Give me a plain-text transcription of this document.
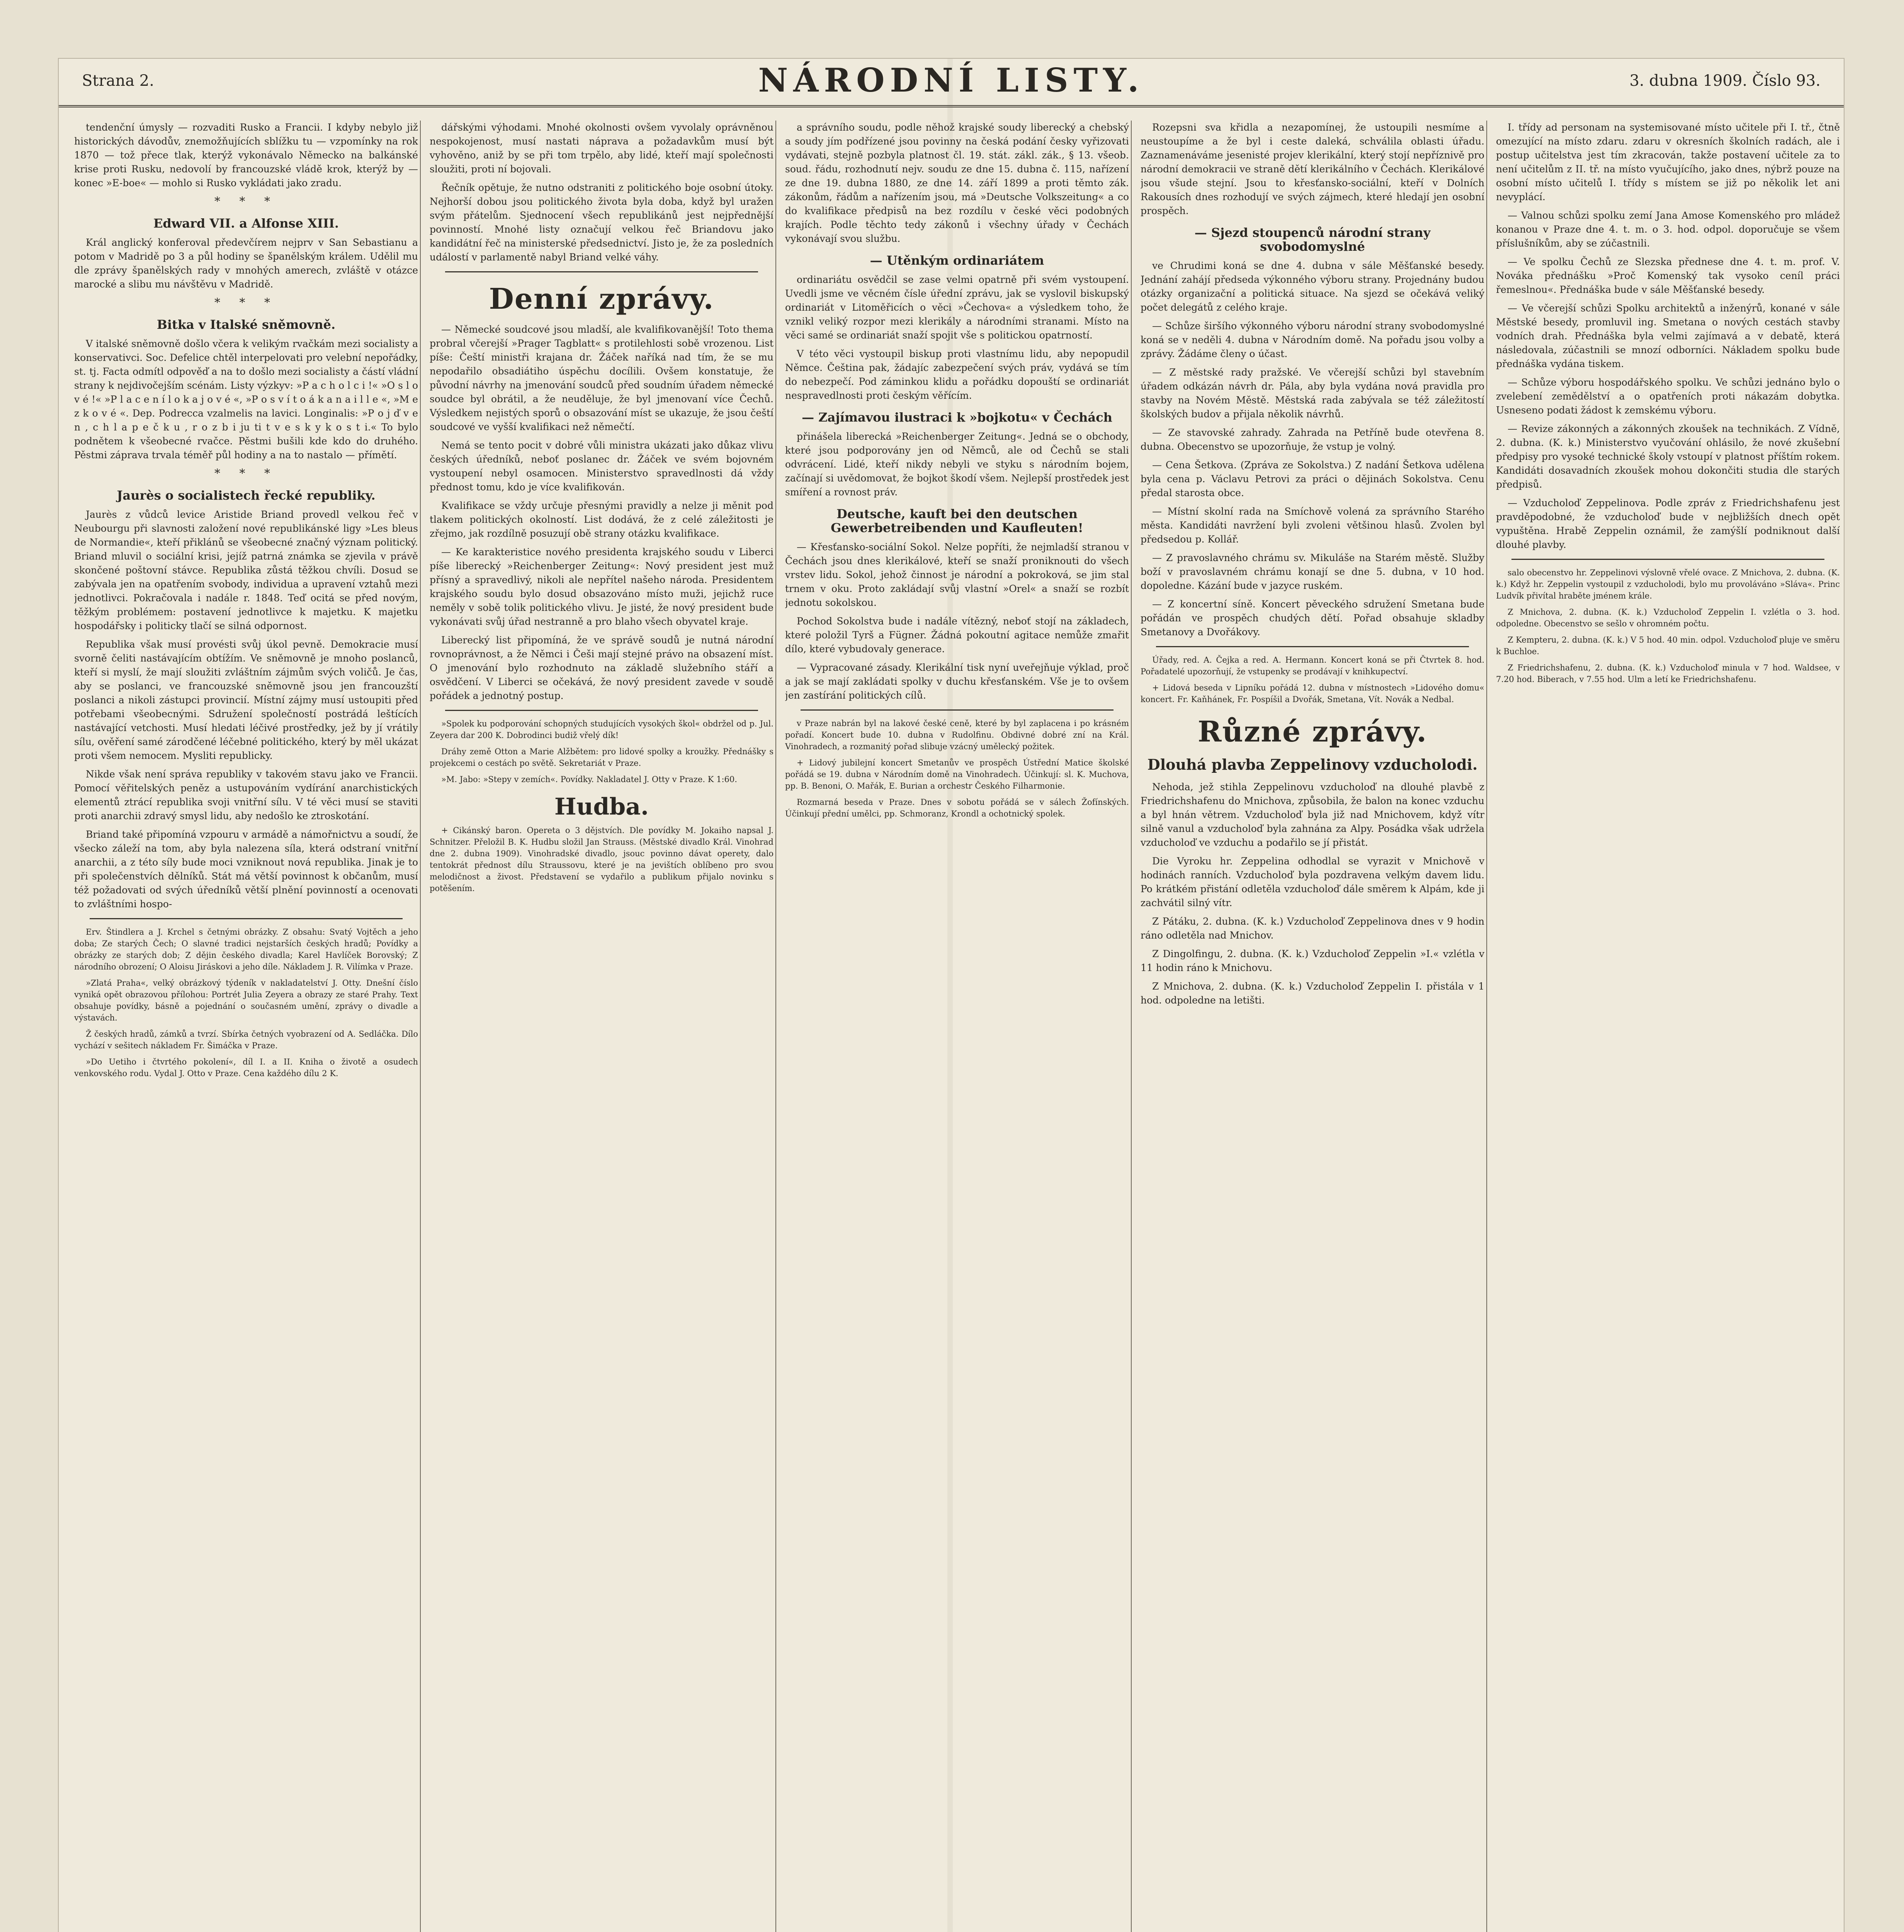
Strana 2.	NÁRODNÍ LISTY.	3. dubna 1909. Číslo 93.

tendenční úmysly — rozvaditi Rusko a Francii. I kdyby nebylo již historických dávodův, znemožňujících sblížku tu — vzpomínky na rok 1870 — tož přece tlak, kterýž vykonávalo Německo na balkánské krise proti Rusku, nedovolí by francouzské vládě krok, kterýž by — konec »E-boe« — mohlo si Rusko vykládati jako zradu.

* * *
Edward VII. a Alfonse XIII.

Král anglický konferoval předevčírem nejprv v San Sebastianu a potom v Madridě po 3 a půl hodiny se španělským králem. Udělil mu dle zprávy španělských rady v mnohých amerech, zvláště v otázce marocké a slibu mu návštěvu v Madridě.

* * *
Bitka v Italské sněmovně.

V italské sněmovně došlo včera k velikým rvačkám mezi socialisty a konservativci. Soc. Defelice chtěl interpelovati pro velební nepořádky, st. tj. Facta odmítl odpověď a na to došlo mezi socialisty a částí vládní strany k nejdivočejším scénám. Listy výzkyv: »P a c h o l c i !« »O s l o v é !« »P l a c e n í l o k a j o v é «, »P o s v í t o á k a n a i l l e «, »M e z k o v é «. Dep. Podrecca vzalmelis na lavici. Longinalis: »P o j ď v e n , c h l a p e č k u , r o z b i ju ti t v e s k y k o s t i.« To bylo podnětem k všeobecné rvačce. Pěstmi bušili kde kdo do druhého. Pěstmi záprava trvala téměř půl hodiny a na to nastalo — přímětí.

* * *
Jaurès o socialistech řecké republiky.

Jaurès z vůdců levice Aristide Briand provedl velkou řeč v Neubourgu při slavnosti založení nové republikánské ligy »Les bleus de Normandie«, kteří přiklánů se všeobecné značný význam politický. Briand mluvil o sociální krisi, jejíž patrná známka se zjevila v právě skončené poštovní stávce. Republika zůstá těžkou chvíli. Dosud se zabývala jen na opatřením svobody, individua a upravení vztahů mezi jednotlivci. Pokračovala i nadále r. 1848. Teď ocitá se před novým, těžkým problémem: postavení jednotlivce k majetku. K majetku hospodářsky i politicky tlačí se silná odpornost.

Republika však musí provésti svůj úkol pevně. Demokracie musí svorně čeliti nastávajícím obtížím. Ve sněmovně je mnoho poslanců, kteří si myslí, že mají sloužiti zvláštním zájmům svých voličů. Je čas, aby se poslanci, ve francouzské sněmovně jsou jen francouzští poslanci a nikoli zástupci provincií. Místní zájmy musí ustoupiti před potřebami všeobecnými. Sdružení společností postrádá leštících nastávající vetchosti. Musí hledati léčivé prostředky, jež by jí vrátily sílu, ověření samé zárodčené léčebné politického, který by měl ukázat proti všem nemocem. Mysliti republicky.

Nikde však není správa republiky v takovém stavu jako ve Francii. Pomocí věřitelských peněz a ustupováním vydírání anarchistických elementů ztrácí republika svoji vnitřní sílu. V té věci musí se staviti proti anarchii zdravý smysl lidu, aby nedošlo ke ztroskotání.

Briand také připomíná vzpouru v armádě a námořnictvu a soudí, že všecko záleží na tom, aby byla nalezena síla, která odstraní vnitřní anarchii, a z této síly bude moci vzniknout nová republika. Jinak je to při společenstvích dělníků. Stát má větší povinnost k občanům, musí též požadovati od svých úředníků větší plnění povinností a ocenovati to zvláštními hospo-

Erv. Štindlera a J. Krchel s četnými obrázky. Z obsahu: Svatý Vojtěch a jeho doba; Ze starých Čech; O slavné tradici nejstarších českých hradů; Povídky a obrázky ze starých dob; Z dějin českého divadla; Karel Havlíček Borovský; Z národního obrození; O Aloisu Jiráskovi a jeho díle. Nákladem J. R. Vilímka v Praze.

»Zlatá Praha«, velký obrázkový týdeník v nakladatelství J. Otty. Dnešní číslo vyniká opět obrazovou přílohou: Portrét Julia Zeyera a obrazy ze staré Prahy. Text obsahuje povídky, básně a pojednání o současném umění, zprávy o divadle a výstavách.

Ž českých hradů, zámků a tvrzí. Sbírka četných vyobrazení od A. Sedláčka. Dílo vychází v sešitech nákladem Fr. Šimáčka v Praze.

»Do Uetiho i čtvrtého pokolení«, díl I. a II. Kniha o životě a osudech venkovského rodu. Vydal J. Otto v Praze. Cena každého dílu 2 K.

dářskými výhodami. Mnohé okolnosti ovšem vyvolaly oprávněnou nespokojenost, musí nastati náprava a požadavkům musí být vyhověno, aniž by se při tom trpělo, aby lidé, kteří mají společnosti sloužiti, proti ní bojovali.

Řečník opětuje, že nutno odstraniti z politického boje osobní útoky. Nejhorší dobou jsou politického života byla doba, když byl uražen svým přátelům. Sjednocení všech republikánů jest nejpřednější povinností. Mnohé listy označují velkou řeč Briandovu jako kandidátní řeč na ministerské předsednictví. Jisto je, že za posledních událostí v parlamentě nabyl Briand velké váhy.

Denní zprávy.

— Německé soudcové jsou mladší, ale kvalifikovanější! Toto thema probral včerejší »Prager Tagblatt« s protilehlosti sobě vrozenou. List píše: Čeští ministři krajana dr. Žáček naříká nad tím, že se mu nepodařilo obsadiátiho úspěchu docílili. Ovšem konstatuje, že původní návrhy na jmenování soudců před soudním úřadem německé soudce byl obrátil, a že neuděluje, že byl jmenovaní více Čechů. Výsledkem nejistých sporů o obsazování míst se ukazuje, že jsou čeští soudcové ve vyšší kvalifikaci než němečtí.

Nemá se tento pocit v dobré vůli ministra ukázati jako důkaz vlivu českých úředníků, neboť poslanec dr. Žáček ve svém bojovném vystoupení nebyl osamocen. Ministerstvo spravedlnosti dá vždy přednost tomu, kdo je více kvalifikován.

Kvalifikace se vždy určuje přesnými pravidly a nelze ji měnit pod tlakem politických okolností. List dodává, že z celé záležitosti je zřejmo, jak rozdílně posuzují obě strany otázku kvalifikace.

— Ke karakteristice nového presidenta krajského soudu v Liberci píše liberecký »Reichenberger Zeitung«: Nový president jest muž přísný a spravedlivý, nikoli ale nepřítel našeho národa. Presidentem krajského soudu bylo dosud obsazováno místo muži, jejichž ruce neměly v sobě tolik politického vlivu. Je jisté, že nový president bude vykonávati svůj úřad nestranně a pro blaho všech obyvatel kraje.

Liberecký list připomíná, že ve správě soudů je nutná národní rovnoprávnost, a že Němci i Češi mají stejné právo na obsazení míst. O jmenování bylo rozhodnuto na základě služebního stáří a osvědčení. V Liberci se očekává, že nový president zavede v soudě pořádek a jednotný postup.

»Spolek ku podporování schopných studujících vysokých škol« obdržel od p. Jul. Zeyera dar 200 K. Dobrodinci budiž vřelý dík!

Dráhy země Otton a Marie Alžbětem: pro lidové spolky a kroužky. Přednášky s projekcemi o cestách po světě. Sekretariát v Praze.

»M. Jabo: »Stepy v zemích«. Povídky. Nakladatel J. Otty v Praze. K 1:60.

Hudba.

+ Cikánský baron. Opereta o 3 dějstvích. Dle povídky M. Jokaiho napsal J. Schnitzer. Přeložil B. K. Hudbu složil Jan Strauss. (Městské divadlo Král. Vinohrad dne 2. dubna 1909). Vinohradské divadlo, jsouc povinno dávat operety, dalo tentokrát přednost dílu Straussovu, které je na jevištích oblíbeno pro svou melodičnost a živost. Představení se vydařilo a publikum přijalo novinku s potěšením.

a správního soudu, podle něhož krajské soudy liberecký a chebský a soudy jím podřízené jsou povinny na česká podání česky vyřizovati vydávati, stejně pozbyla platnost čl. 19. stát. zákl. zák., § 13. všeob. soud. řádu, rozhodnutí nejv. soudu ze dne 15. dubna č. 115, nařízení ze dne 19. dubna 1880, ze dne 14. září 1899 a proti těmto zák. zákonům, řádům a nařízením jsou, má »Deutsche Volkszeitung« a co do kvalifikace předpisů na bez rozdílu v české věci podobných krajích. Podle těchto tedy zákonů i všechny úřady v Čechách vykonávají svou službu.

— Utěnkým ordinariátem

ordinariátu osvědčil se zase velmi opatrně při svém vystoupení. Uvedli jsme ve věcném čísle úřední zprávu, jak se vyslovil biskupský ordinariát v Litoměřicích o věci »Čechova« a výsledkem toho, že vznikl veliký rozpor mezi klerikály a národními stranami. Místo na věci samé se ordinariát snaží spojit vše s politickou opatrností.

V této věci vystoupil biskup proti vlastnímu lidu, aby nepopudil Němce. Čeština pak, žádajíc zabezpečení svých práv, vydává se tím do nebezpečí. Pod záminkou klidu a pořádku dopouští se ordinariát nespravedlnosti proti českým věřícím.

— Zajímavou ilustraci k »bojkotu« v Čechách

přinášela liberecká »Reichenberger Zeitung«. Jedná se o obchody, které jsou podporovány jen od Němců, ale od Čechů se stali odvrácení. Lidé, kteří nikdy nebyli ve styku s národním bojem, začínají si uvědomovat, že bojkot škodí všem. Nejlepší prostředek jest smíření a rovnost práv.

Deutsche, kauft bei den deutschen Gewerbetreibenden und Kaufleuten!

— Křesťansko-sociální Sokol. Nelze popříti, že nejmladší stranou v Čechách jsou dnes klerikálové, kteří se snaží proniknouti do všech vrstev lidu. Sokol, jehož činnost je národní a pokroková, se jim stal trnem v oku. Proto zakládají svůj vlastní »Orel« a snaží se rozbít jednotu sokolskou.

Pochod Sokolstva bude i nadále vítězný, neboť stojí na základech, které položil Tyrš a Fügner. Žádná pokoutní agitace nemůže zmařit dílo, které vybudovaly generace.

— Vypracované zásady. Klerikální tisk nyní uveřejňuje výklad, proč a jak se mají zakládati spolky v duchu křesťanském. Vše je to ovšem jen zastírání politických cílů.

v Praze nabrán byl na lakové české ceně, které by byl zaplacena i po krásném pořadí. Koncert bude 10. dubna v Rudolfinu. Obdivné dobré zní na Král. Vinohradech, a rozmanitý pořad slibuje vzácný umělecký požitek.

+ Lidový jubilejní koncert Smetanův ve prospěch Ústřední Matice školské pořádá se 19. dubna v Národním domě na Vinohradech. Účinkují: sl. K. Muchova, pp. B. Benoni, O. Mařák, E. Burian a orchestr Českého Filharmonie.

Rozmarná beseda v Praze. Dnes v sobotu pořádá se v sálech Žofínských. Účinkují přední umělci, pp. Schmoranz, Krondl a ochotnický spolek.

Rozepsni sva křidla a nezapomínej, že ustoupili nesmíme a neustoupíme a že byl i ceste daleká, schválila oblasti úřadu. Zaznamenáváme jesenisté projev klerikální, který stojí nepříznivě pro národní demokracii ve straně dětí klerikálního v Čechách. Klerikálové jsou všude stejní. Jsou to křesťansko-sociální, kteří v Dolních Rakousích dnes rozhodují ve svých zájmech, které hledají jen osobní prospěch.

— Sjezd stoupenců národní strany svobodomyslné

ve Chrudimi koná se dne 4. dubna v sále Měšťanské besedy. Jednání zahájí předseda výkonného výboru strany. Projednány budou otázky organizační a politická situace. Na sjezd se očekává veliký počet delegátů z celého kraje.

— Schůze širšího výkonného výboru národní strany svobodomyslné koná se v neděli 4. dubna v Národním domě. Na pořadu jsou volby a zprávy. Žádáme členy o účast.

— Z městské rady pražské. Ve včerejší schůzi byl stavebním úřadem odkázán návrh dr. Pála, aby byla vydána nová pravidla pro stavby na Novém Městě. Městská rada zabývala se též záležitostí školských budov a přijala několik návrhů.

— Ze stavovské zahrady. Zahrada na Petříně bude otevřena 8. dubna. Obecenstvo se upozorňuje, že vstup je volný.

— Cena Šetkova. (Zpráva ze Sokolstva.) Z nadání Šetkova udělena byla cena p. Václavu Petrovi za práci o dějinách Sokolstva. Cenu předal starosta obce.

— Místní skolní rada na Smíchově volená za správního Starého města. Kandidáti navržení byli zvoleni většinou hlasů. Zvolen byl předsedou p. Kollář.

— Z pravoslavného chrámu sv. Mikuláše na Starém městě. Služby boží v pravoslavném chrámu konají se dne 5. dubna, v 10 hod. dopoledne. Kázání bude v jazyce ruském.

— Z koncertní síně. Koncert pěveckého sdružení Smetana bude pořádán ve prospěch chudých dětí. Pořad obsahuje skladby Smetanovy a Dvořákovy.

Úřady, red. A. Čejka a red. A. Hermann. Koncert koná se při Čtvrtek 8. hod. Pořadatelé upozorňují, že vstupenky se prodávají v knihkupectví.

+ Lidová beseda v Lipníku pořádá 12. dubna v místnostech »Lidového domu« koncert. Fr. Kaňhánek, Fr. Pospíšil a Dvořák, Smetana, Vít. Novák a Nedbal.

Různé zprávy.
Dlouhá plavba Zeppelinovy vzducholodi.

Nehoda, jež stihla Zeppelinovu vzducholoď na dlouhé plavbě z Friedrichshafenu do Mnichova, způsobila, že balon na konec vzduchu a byl hnán větrem. Vzducholoď byla již nad Mnichovem, když vítr silně vanul a vzducholoď byla zahnána za Alpy. Posádka však udržela vzducholoď ve vzduchu a podařilo se jí přistát.

Die Vyroku hr. Zeppelina odhodlal se vyrazit v Mnichově v hodinách ranních. Vzducholoď byla pozdravena velkým davem lidu. Po krátkém přistání odletěla vzducholoď dále směrem k Alpám, kde ji zachvátil silný vítr.

Z Pátáku, 2. dubna. (K. k.) Vzducholoď Zeppelinova dnes v 9 hodin ráno odletěla nad Mnichov.

Z Dingolfingu, 2. dubna. (K. k.) Vzducholoď Zeppelin »I.« vzlétla v 11 hodin ráno k Mnichovu.

Z Mnichova, 2. dubna. (K. k.) Vzducholoď Zeppelin I. přistála v 1 hod. odpoledne na letišti.

I. třídy ad personam na systemisované místo učitele při I. tř., čtně omezující na místo zdaru. zdaru v okresních školních radách, ale i postup učitelstva jest tím zkracován, takže postavení učitele za to není učitelům z II. tř. na místo vyučujícího, jako dnes, nýbrž pouze na osobní místo učitelů I. třídy s místem se již po několik let ani nevyplácí.

— Valnou schůzi spolku zemí Jana Amose Komenského pro mládež konanou v Praze dne 4. t. m. o 3. hod. odpol. doporučuje se všem příslušníkům, aby se zúčastnili.

— Ve spolku Čechů ze Slezska přednese dne 4. t. m. prof. V. Nováka přednášku »Proč Komenský tak vysoko ceníl práci řemeslnou«. Přednáška bude v sále Měšťanské besedy.

— Ve včerejší schůzi Spolku architektů a inženýrů, konané v sále Městské besedy, promluvil ing. Smetana o nových cestách stavby vodních drah. Přednáška byla velmi zajímavá a v debatě, která následovala, zúčastnili se mnozí odborníci. Nákladem spolku bude přednáška vydána tiskem.

— Schůze výboru hospodářského spolku. Ve schůzi jednáno bylo o zvelebení zemědělství a o opatřeních proti nákazám dobytka. Usneseno podati žádost k zemskému výboru.

— Revize zákonných a zákonných zkoušek na technikách. Z Vídně, 2. dubna. (K. k.) Ministerstvo vyučování ohlásilo, že nové zkušební předpisy pro vysoké technické školy vstoupí v platnost příštím rokem. Kandidáti dosavadních zkoušek mohou dokončiti studia dle starých předpisů.

— Vzducholoď Zeppelinova. Podle zpráv z Friedrichshafenu jest pravděpodobné, že vzducholoď bude v nejbližších dnech opět vypuštěna. Hrabě Zeppelin oznámil, že zamýšlí podniknout další dlouhé plavby.

salo obecenstvo hr. Zeppelinovi výslovně vřelé ovace. Z Mnichova, 2. dubna. (K. k.) Když hr. Zeppelin vystoupil z vzducholodi, bylo mu provoláváno »Sláva«. Princ Ludvík přivítal hraběte jménem krále.

Z Mnichova, 2. dubna. (K. k.) Vzducholoď Zeppelin I. vzlétla o 3. hod. odpoledne. Obecenstvo se sešlo v ohromném počtu.

Z Kempteru, 2. dubna. (K. k.) V 5 hod. 40 min. odpol. Vzducholoď pluje ve směru k Buchloe.

Z Friedrichshafenu, 2. dubna. (K. k.) Vzducholoď minula v 7 hod. Waldsee, v 7.20 hod. Biberach, v 7.55 hod. Ulm a letí ke Friedrichshafenu.
